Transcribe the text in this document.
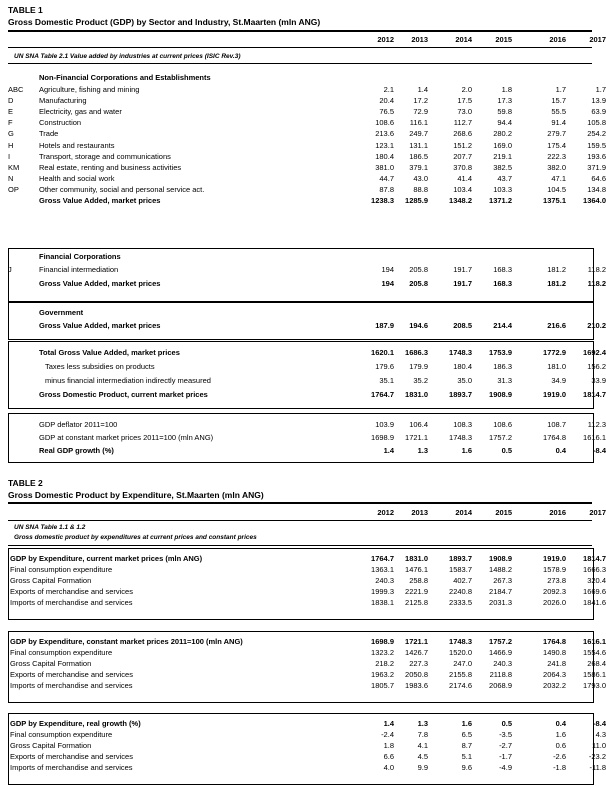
TABLE 1
Gross Domestic Product (GDP) by Sector and Industry, St.Maarten (mln ANG)
2012	2013	2014	2015	2016	2017
UN SNA Table 2.1 Value added by industries at current prices (ISIC Rev.3)
Non-Financial Corporations and Establishments
ABC Agriculture, fishing and mining	2.1	1.4	2.0	1.8	1.7	1.7
D	Manufacturing	20.4	17.2	17.5	17.3	15.7	13.9
E	Electricity, gas and water	76.5	72.9	73.0	59.8	55.5	63.9
F	Construction	108.6	116.1	112.7	94.4	91.4	105.8
G	Trade	213.6	249.7	268.6	280.2	279.7	254.2
H	Hotels and restaurants	123.1	131.1	151.2	169.0	175.4	159.5
I	Transport, storage and communications	180.4	186.5	207.7	219.1	222.3	193.6
KM	Real estate, renting and business activities	381.0	379.1	370.8	382.5	382.0	371.9
N	Health and social work	44.7	43.0	41.4	43.7	47.1	64.6
OP	Other community, social and personal service act.	87.8	88.8	103.4	103.3	104.5	134.8
Gross Value Added, market prices	1238.3	1285.9	1348.2	1371.2	1375.1	1364.0
Financial Corporations
J	Financial intermediation	194	205.8	191.7	168.3	181.2	118.2
Gross Value Added, market prices	194	205.8	191.7	168.3	181.2	118.2
Government
Gross Value Added, market prices	187.9	194.6	208.5	214.4	216.6	210.2
Total Gross Value Added, market prices	1620.1	1686.3	1748.3	1753.9	1772.9	1692.4
Taxes less subsidies on products	179.6	179.9	180.4	186.3	181.0	156.2
minus financial intermediation indirectly measured	35.1	35.2	35.0	31.3	34.9	33.9
Gross Domestic Product, current market prices	1764.7	1831.0	1893.7	1908.9	1919.0	1814.7
GDP deflator 2011=100	103.9	106.4	108.3	108.6	108.7	112.3
GDP at constant market prices 2011=100 (mln ANG)	1698.9	1721.1	1748.3	1757.2	1764.8	1616.1
Real GDP growth (%)	1.4	1.3	1.6	0.5	0.4	-8.4
TABLE 2
Gross Domestic Product by Expenditure, St.Maarten (mln ANG)
2012	2013	2014	2015	2016	2017
UN SNA Table 1.1 & 1.2
Gross domestic product by expenditures at current prices and constant prices
GDP by Expenditure, current market prices (mln ANG)	1764.7	1831.0	1893.7	1908.9	1919.0	1814.7
Final consumption expenditure	1363.1	1476.1	1583.7	1488.2	1578.9	1666.3
Gross Capital Formation	240.3	258.8	402.7	267.3	273.8	320.4
Exports of merchandise and services	1999.3	2221.9	2240.8	2184.7	2092.3	1669.6
Imports of merchandise and services	1838.1	2125.8	2333.5	2031.3	2026.0	1841.6
GDP by Expenditure, constant market prices 2011=100 (mln ANG)	1698.9	1721.1	1748.3	1757.2	1764.8	1616.1
Final consumption expenditure	1323.2	1426.7	1520.0	1466.9	1490.8	1554.6
Gross Capital Formation	218.2	227.3	247.0	240.3	241.8	268.4
Exports of merchandise and services	1963.2	2050.8	2155.8	2118.8	2064.3	1586.1
Imports of merchandise and services	1805.7	1983.6	2174.6	2068.9	2032.2	1793.0
GDP by Expenditure, real growth (%)	1.4	1.3	1.6	0.5	0.4	-8.4
Final consumption expenditure	-2.4	7.8	6.5	-3.5	1.6	4.3
Gross Capital Formation	1.8	4.1	8.7	-2.7	0.6	11.0
Exports of merchandise and services	6.6	4.5	5.1	-1.7	-2.6	-23.2
Imports of merchandise and services	4.0	9.9	9.6	-4.9	-1.8	-11.8
